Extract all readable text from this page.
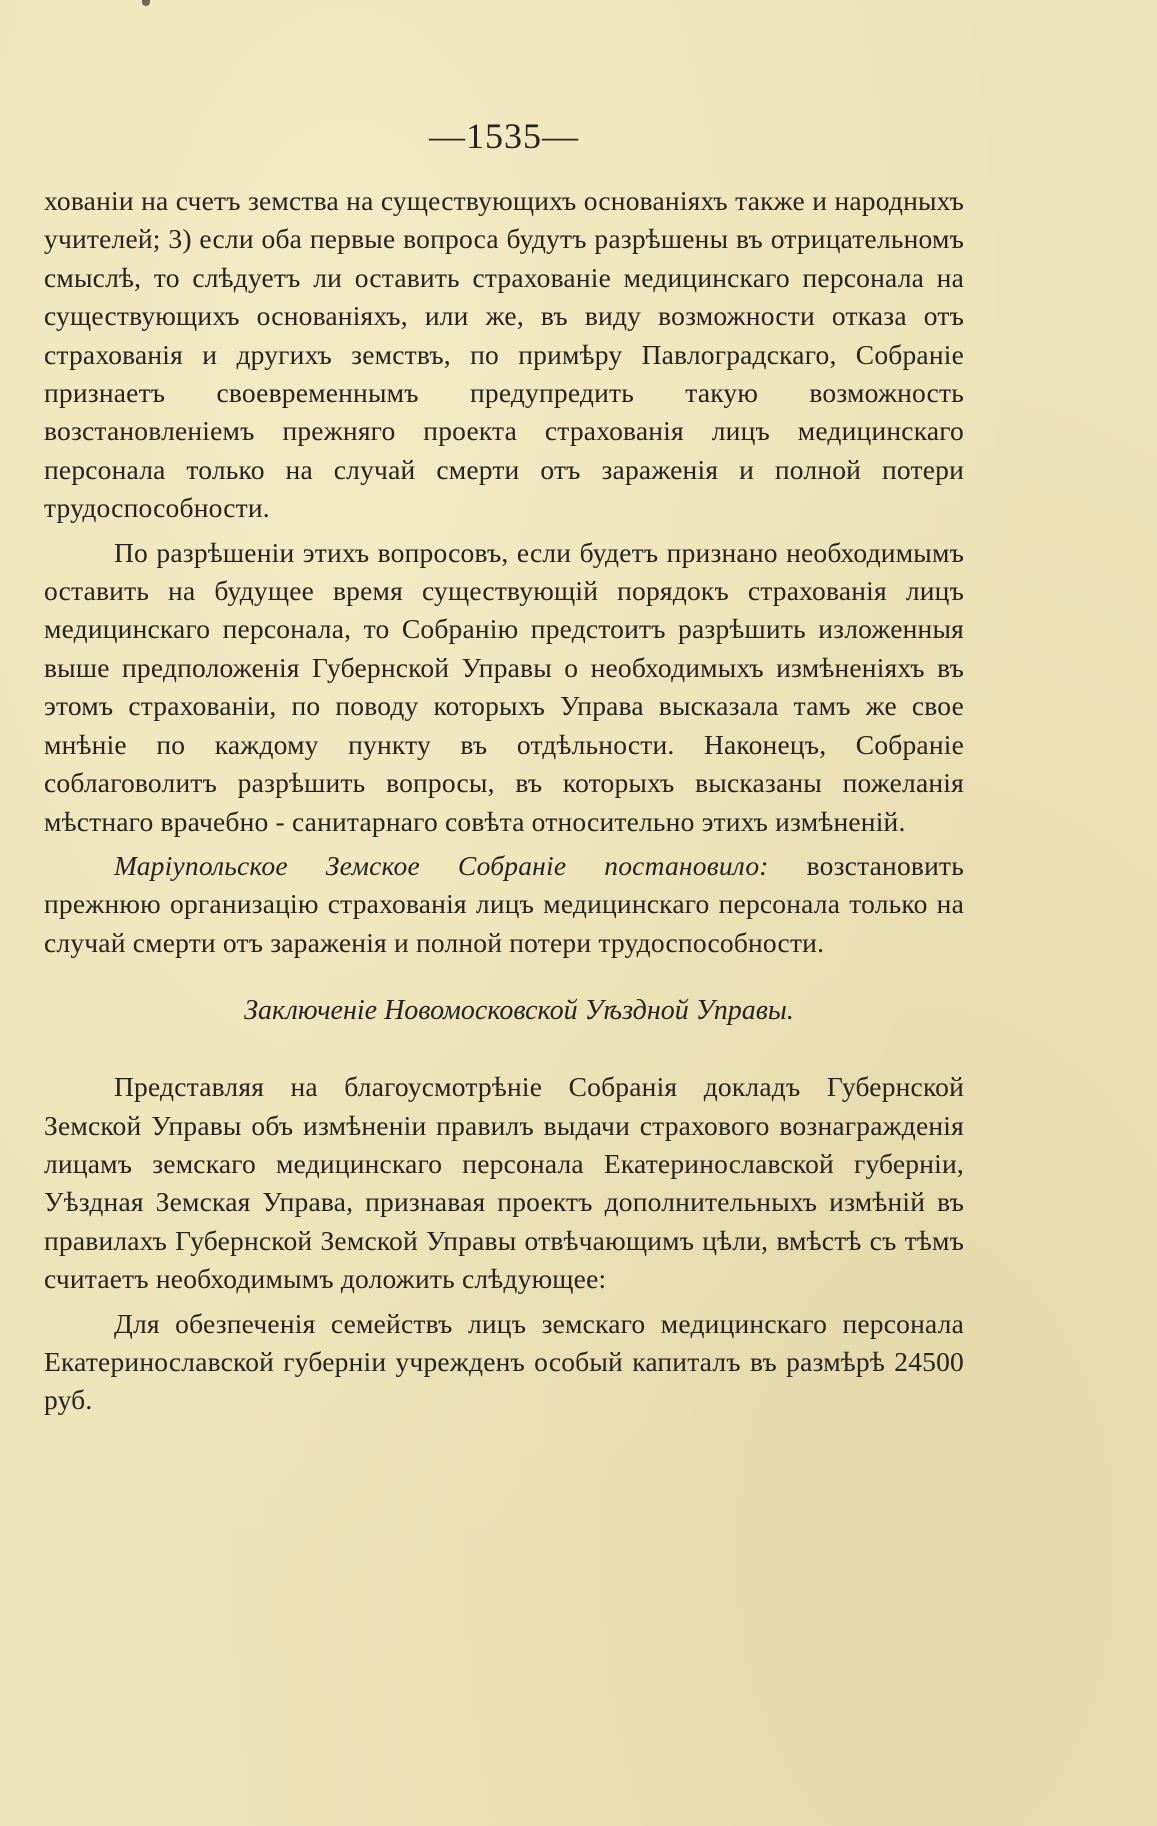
—1535—

хованіи на счетъ земства на существующихъ основаніяхъ также и народныхъ учителей; 3) если оба первые вопроса будутъ разрѣшены въ отрицательномъ смыслѣ, то слѣдуетъ ли оставить страхованіе медицинскаго персонала на существующихъ основаніяхъ, или же, въ виду возможности отказа отъ страхованія и другихъ земствъ, по примѣру Павлоградскаго, Собраніе признаетъ своевременнымъ предупредить такую возможность возстановленіемъ прежняго проекта страхованія лицъ медицинскаго персонала только на случай смерти отъ зараженія и полной потери трудоспособности.

По разрѣшеніи этихъ вопросовъ, если будетъ признано необходимымъ оставить на будущее время существующій порядокъ страхованія лицъ медицинскаго персонала, то Собранію предстоитъ разрѣшить изложенныя выше предположенія Губернской Управы о необходимыхъ измѣненіяхъ въ этомъ страхованіи, по поводу которыхъ Управа высказала тамъ же свое мнѣніе по каждому пункту въ отдѣльности. Наконецъ, Собраніе соблаговолитъ разрѣшить вопросы, въ которыхъ высказаны пожеланія мѣстнаго врачебно - санитарнаго совѣта относительно этихъ измѣненій.

Маріупольское Земское Собраніе постановило: возстановить прежнюю организацію страхованія лицъ медицинскаго персонала только на случай смерти отъ зараженія и полной потери трудоспособности.

Заключеніе Новомосковской Уѣздной Управы.

Представляя на благоусмотрѣніе Собранія докладъ Губернской Земской Управы объ измѣненіи правилъ выдачи страхового вознагражденія лицамъ земскаго медицинскаго персонала Екатеринославской губерніи, Уѣздная Земская Управа, признавая проектъ дополнительныхъ измѣній въ правилахъ Губернской Земской Управы отвѣчающимъ цѣли, вмѣстѣ съ тѣмъ считаетъ необходимымъ доложить слѣдующее:

Для обезпеченія семействъ лицъ земскаго медицинскаго персонала Екатеринославской губерніи учрежденъ особый капиталъ въ размѣрѣ 24500 руб.
